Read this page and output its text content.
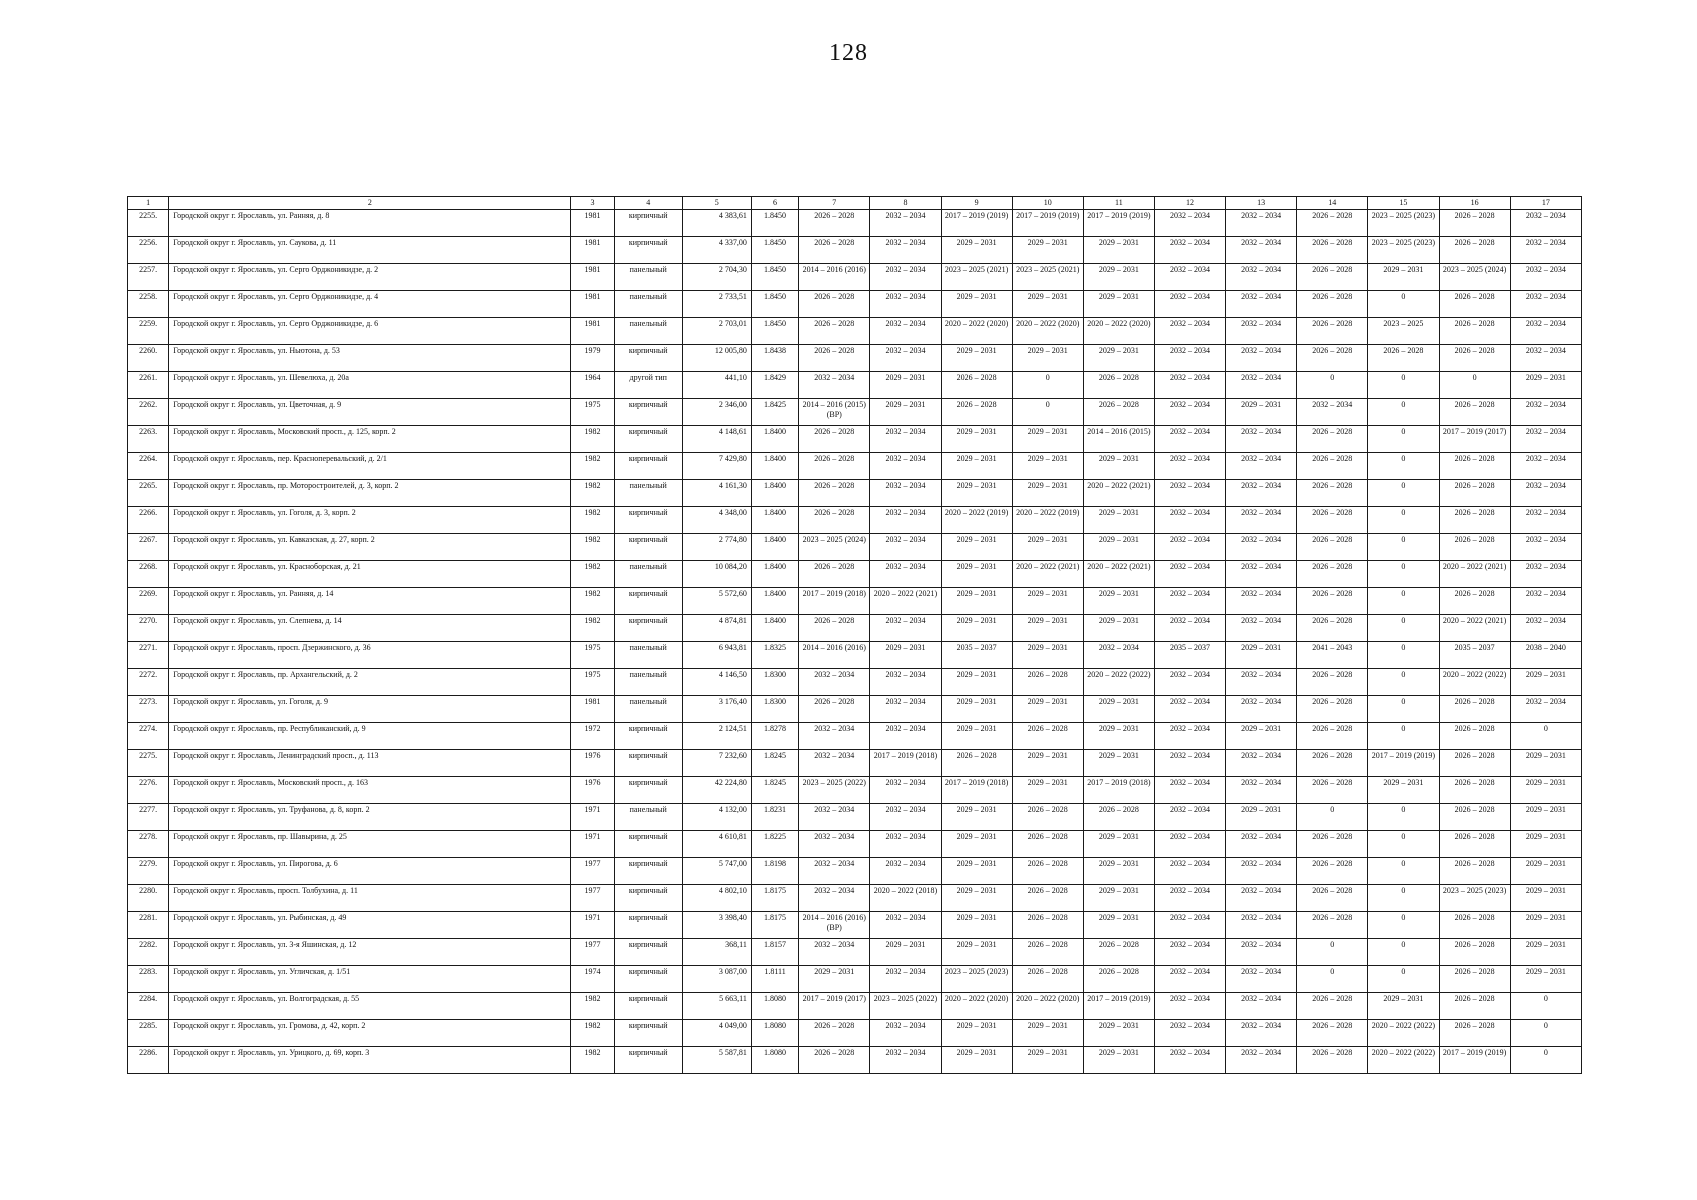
128
1	2	3	4	5	6	7	8	9	10	11	12	13	14	15	16	17
2255.	Городской округ г. Ярославль, ул. Ранняя, д. 8	1981	кирпичный	4 383,61	1.8450	2026 – 2028	2032 – 2034	2017 – 2019 (2019)	2017 – 2019 (2019)	2017 – 2019 (2019)	2032 – 2034	2032 – 2034	2026 – 2028	2023 – 2025 (2023)	2026 – 2028	2032 – 2034
2256.	Городской округ г. Ярославль, ул. Саукова, д. 11	1981	кирпичный	4 337,00	1.8450	2026 – 2028	2032 – 2034	2029 – 2031	2029 – 2031	2029 – 2031	2032 – 2034	2032 – 2034	2026 – 2028	2023 – 2025 (2023)	2026 – 2028	2032 – 2034
2257.	Городской округ г. Ярославль, ул. Серго Орджоникидзе, д. 2	1981	панельный	2 704,30	1.8450	2014 – 2016 (2016)	2032 – 2034	2023 – 2025 (2021)	2023 – 2025 (2021)	2029 – 2031	2032 – 2034	2032 – 2034	2026 – 2028	2029 – 2031	2023 – 2025 (2024)	2032 – 2034
2258.	Городской округ г. Ярославль, ул. Серго Орджоникидзе, д. 4	1981	панельный	2 733,51	1.8450	2026 – 2028	2032 – 2034	2029 – 2031	2029 – 2031	2029 – 2031	2032 – 2034	2032 – 2034	2026 – 2028	0	2026 – 2028	2032 – 2034
2259.	Городской округ г. Ярославль, ул. Серго Орджоникидзе, д. 6	1981	панельный	2 703,01	1.8450	2026 – 2028	2032 – 2034	2020 – 2022 (2020)	2020 – 2022 (2020)	2020 – 2022 (2020)	2032 – 2034	2032 – 2034	2026 – 2028	2023 – 2025	2026 – 2028	2032 – 2034
2260.	Городской округ г. Ярославль, ул. Ньютона, д. 53	1979	кирпичный	12 005,80	1.8438	2026 – 2028	2032 – 2034	2029 – 2031	2029 – 2031	2029 – 2031	2032 – 2034	2032 – 2034	2026 – 2028	2026 – 2028	2026 – 2028	2032 – 2034
2261.	Городской округ г. Ярославль, ул. Шевелюха, д. 20а	1964	другой тип	441,10	1.8429	2032 – 2034	2029 – 2031	2026 – 2028	0	2026 – 2028	2032 – 2034	2032 – 2034	0	0	0	2029 – 2031
2262.	Городской округ г. Ярославль, ул. Цветочная, д. 9	1975	кирпичный	2 346,00	1.8425	2014 – 2016 (2015) (ВР)	2029 – 2031	2026 – 2028	0	2026 – 2028	2032 – 2034	2029 – 2031	2032 – 2034	0	2026 – 2028	2032 – 2034
2263.	Городской округ г. Ярославль, Московский просп., д. 125, корп. 2	1982	кирпичный	4 148,61	1.8400	2026 – 2028	2032 – 2034	2029 – 2031	2029 – 2031	2014 – 2016 (2015)	2032 – 2034	2032 – 2034	2026 – 2028	0	2017 – 2019 (2017)	2032 – 2034
2264.	Городской округ г. Ярославль, пер. Красноперевальский, д. 2/1	1982	кирпичный	7 429,80	1.8400	2026 – 2028	2032 – 2034	2029 – 2031	2029 – 2031	2029 – 2031	2032 – 2034	2032 – 2034	2026 – 2028	0	2026 – 2028	2032 – 2034
2265.	Городской округ г. Ярославль, пр. Моторостроителей, д. 3, корп. 2	1982	панельный	4 161,30	1.8400	2026 – 2028	2032 – 2034	2029 – 2031	2029 – 2031	2020 – 2022 (2021)	2032 – 2034	2032 – 2034	2026 – 2028	0	2026 – 2028	2032 – 2034
2266.	Городской округ г. Ярославль, ул. Гоголя, д. 3, корп. 2	1982	кирпичный	4 348,00	1.8400	2026 – 2028	2032 – 2034	2020 – 2022 (2019)	2020 – 2022 (2019)	2029 – 2031	2032 – 2034	2032 – 2034	2026 – 2028	0	2026 – 2028	2032 – 2034
2267.	Городской округ г. Ярославль, ул. Кавказская, д. 27, корп. 2	1982	кирпичный	2 774,80	1.8400	2023 – 2025 (2024)	2032 – 2034	2029 – 2031	2029 – 2031	2029 – 2031	2032 – 2034	2032 – 2034	2026 – 2028	0	2026 – 2028	2032 – 2034
2268.	Городской округ г. Ярославль, ул. Красноборская, д. 21	1982	панельный	10 084,20	1.8400	2026 – 2028	2032 – 2034	2029 – 2031	2020 – 2022 (2021)	2020 – 2022 (2021)	2032 – 2034	2032 – 2034	2026 – 2028	0	2020 – 2022 (2021)	2032 – 2034
2269.	Городской округ г. Ярославль, ул. Ранняя, д. 14	1982	кирпичный	5 572,60	1.8400	2017 – 2019 (2018)	2020 – 2022 (2021)	2029 – 2031	2029 – 2031	2029 – 2031	2032 – 2034	2032 – 2034	2026 – 2028	0	2026 – 2028	2032 – 2034
2270.	Городской округ г. Ярославль, ул. Слепнева, д. 14	1982	кирпичный	4 874,81	1.8400	2026 – 2028	2032 – 2034	2029 – 2031	2029 – 2031	2029 – 2031	2032 – 2034	2032 – 2034	2026 – 2028	0	2020 – 2022 (2021)	2032 – 2034
2271.	Городской округ г. Ярославль, просп. Дзержинского, д. 36	1975	панельный	6 943,81	1.8325	2014 – 2016 (2016)	2029 – 2031	2035 – 2037	2029 – 2031	2032 – 2034	2035 – 2037	2029 – 2031	2041 – 2043	0	2035 – 2037	2038 – 2040
2272.	Городской округ г. Ярославль, пр. Архангельский, д. 2	1975	панельный	4 146,50	1.8300	2032 – 2034	2032 – 2034	2029 – 2031	2026 – 2028	2020 – 2022 (2022)	2032 – 2034	2032 – 2034	2026 – 2028	0	2020 – 2022 (2022)	2029 – 2031
2273.	Городской округ г. Ярославль, ул. Гоголя, д. 9	1981	панельный	3 176,40	1.8300	2026 – 2028	2032 – 2034	2029 – 2031	2029 – 2031	2029 – 2031	2032 – 2034	2032 – 2034	2026 – 2028	0	2026 – 2028	2032 – 2034
2274.	Городской округ г. Ярославль, пр. Республиканский, д. 9	1972	кирпичный	2 124,51	1.8278	2032 – 2034	2032 – 2034	2029 – 2031	2026 – 2028	2029 – 2031	2032 – 2034	2029 – 2031	2026 – 2028	0	2026 – 2028	0
2275.	Городской округ г. Ярославль, Ленинградский просп., д. 113	1976	кирпичный	7 232,60	1.8245	2032 – 2034	2017 – 2019 (2018)	2026 – 2028	2029 – 2031	2029 – 2031	2032 – 2034	2032 – 2034	2026 – 2028	2017 – 2019 (2019)	2026 – 2028	2029 – 2031
2276.	Городской округ г. Ярославль, Московский просп., д. 163	1976	кирпичный	42 224,80	1.8245	2023 – 2025 (2022)	2032 – 2034	2017 – 2019 (2018)	2029 – 2031	2017 – 2019 (2018)	2032 – 2034	2032 – 2034	2026 – 2028	2029 – 2031	2026 – 2028	2029 – 2031
2277.	Городской округ г. Ярославль, ул. Труфанова, д. 8, корп. 2	1971	панельный	4 132,00	1.8231	2032 – 2034	2032 – 2034	2029 – 2031	2026 – 2028	2026 – 2028	2032 – 2034	2029 – 2031	0	0	2026 – 2028	2029 – 2031
2278.	Городской округ г. Ярославль, пр. Шавырина, д. 25	1971	кирпичный	4 610,81	1.8225	2032 – 2034	2032 – 2034	2029 – 2031	2026 – 2028	2029 – 2031	2032 – 2034	2032 – 2034	2026 – 2028	0	2026 – 2028	2029 – 2031
2279.	Городской округ г. Ярославль, ул. Пирогова, д. 6	1977	кирпичный	5 747,00	1.8198	2032 – 2034	2032 – 2034	2029 – 2031	2026 – 2028	2029 – 2031	2032 – 2034	2032 – 2034	2026 – 2028	0	2026 – 2028	2029 – 2031
2280.	Городской округ г. Ярославль, просп. Толбухина, д. 11	1977	кирпичный	4 802,10	1.8175	2032 – 2034	2020 – 2022 (2018)	2029 – 2031	2026 – 2028	2029 – 2031	2032 – 2034	2032 – 2034	2026 – 2028	0	2023 – 2025 (2023)	2029 – 2031
2281.	Городской округ г. Ярославль, ул. Рыбинская, д. 49	1971	кирпичный	3 398,40	1.8175	2014 – 2016 (2016) (ВР)	2032 – 2034	2029 – 2031	2026 – 2028	2029 – 2031	2032 – 2034	2032 – 2034	2026 – 2028	0	2026 – 2028	2029 – 2031
2282.	Городской округ г. Ярославль, ул. 3-я Яшинская, д. 12	1977	кирпичный	368,11	1.8157	2032 – 2034	2029 – 2031	2029 – 2031	2026 – 2028	2026 – 2028	2032 – 2034	2032 – 2034	0	0	2026 – 2028	2029 – 2031
2283.	Городской округ г. Ярославль, ул. Угличская, д. 1/51	1974	кирпичный	3 087,00	1.8111	2029 – 2031	2032 – 2034	2023 – 2025 (2023)	2026 – 2028	2026 – 2028	2032 – 2034	2032 – 2034	0	0	2026 – 2028	2029 – 2031
2284.	Городской округ г. Ярославль, ул. Волгоградская, д. 55	1982	кирпичный	5 663,11	1.8080	2017 – 2019 (2017)	2023 – 2025 (2022)	2020 – 2022 (2020)	2020 – 2022 (2020)	2017 – 2019 (2019)	2032 – 2034	2032 – 2034	2026 – 2028	2029 – 2031	2026 – 2028	0
2285.	Городской округ г. Ярославль, ул. Громова, д. 42, корп. 2	1982	кирпичный	4 049,00	1.8080	2026 – 2028	2032 – 2034	2029 – 2031	2029 – 2031	2029 – 2031	2032 – 2034	2032 – 2034	2026 – 2028	2020 – 2022 (2022)	2026 – 2028	0
2286.	Городской округ г. Ярославль, ул. Урицкого, д. 69, корп. 3	1982	кирпичный	5 587,81	1.8080	2026 – 2028	2032 – 2034	2029 – 2031	2029 – 2031	2029 – 2031	2032 – 2034	2032 – 2034	2026 – 2028	2020 – 2022 (2022)	2017 – 2019 (2019)	0
